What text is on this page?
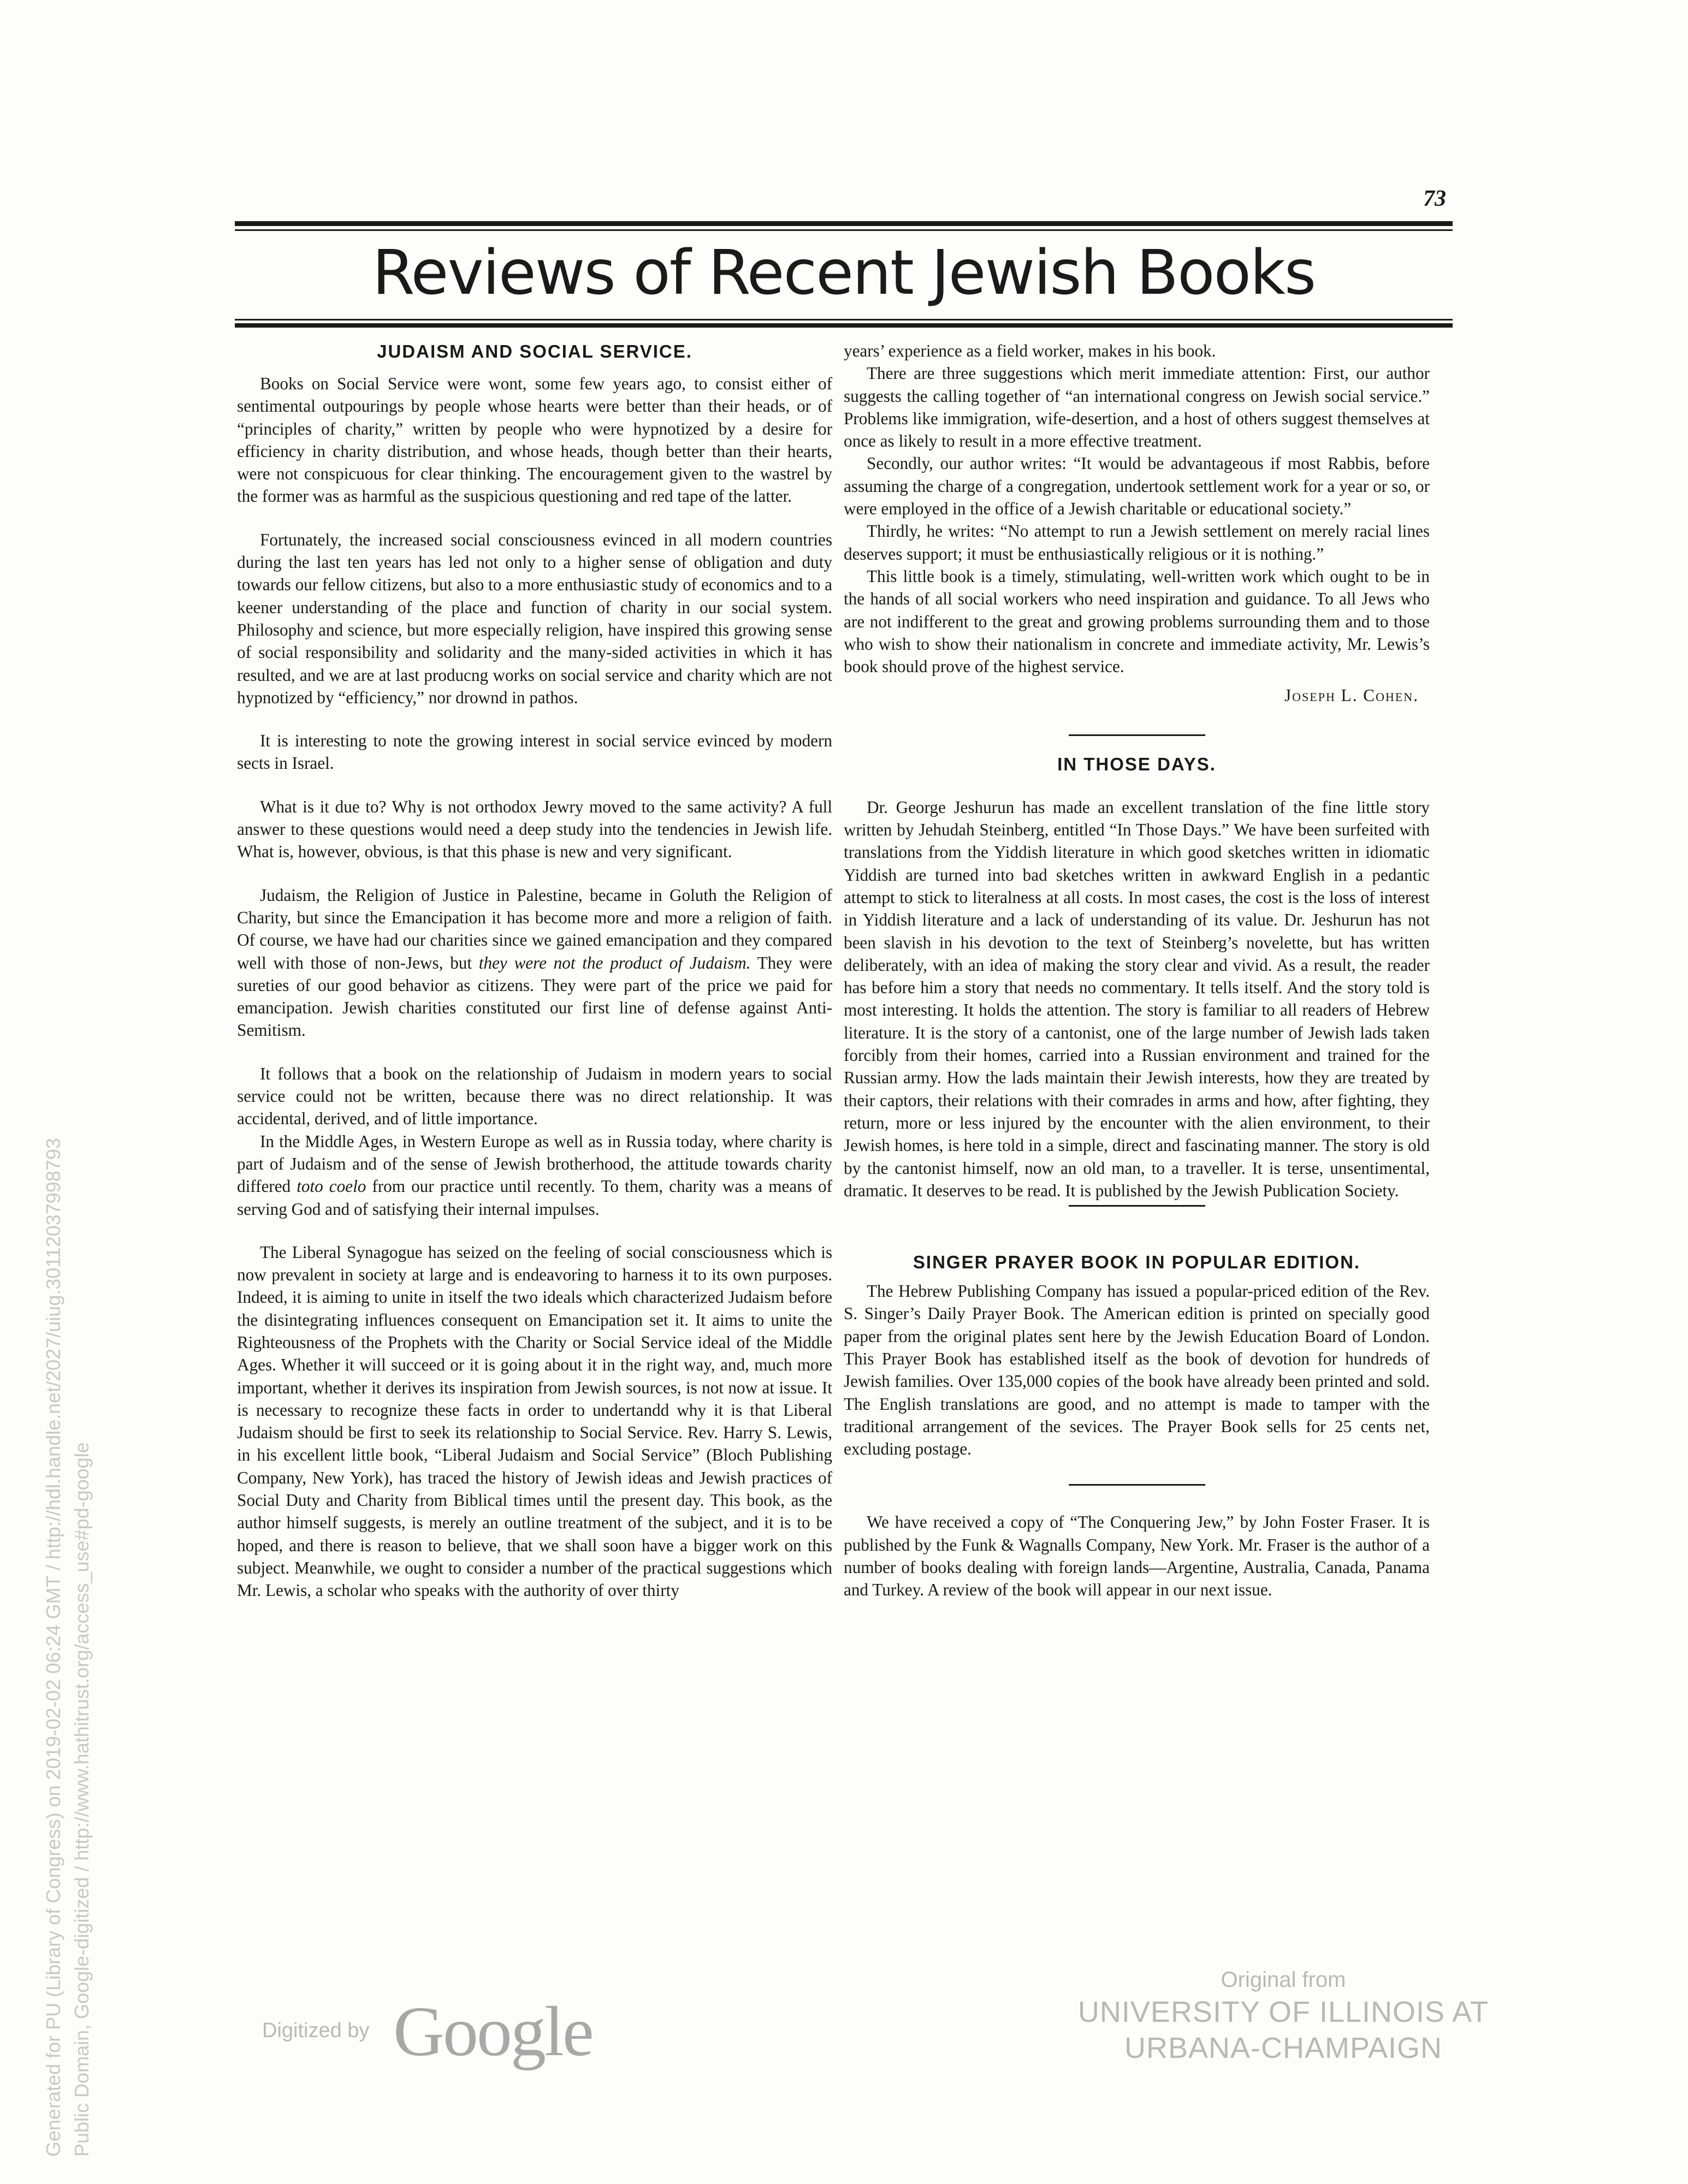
73
Reviews of Recent Jewish Books
JUDAISM AND SOCIAL SERVICE.

Books on Social Service were wont, some few years ago, to consist either of sentimental outpourings by people whose hearts were better than their heads, or of “principles of charity,” written by people who were hypnotized by a desire for efficiency in charity distribution, and whose heads, though better than their hearts, were not conspicuous for clear thinking. The encouragement given to the wastrel by the former was as harmful as the suspicious questioning and red tape of the latter.

Fortunately, the increased social consciousness evinced in all modern countries during the last ten years has led not only to a higher sense of obligation and duty towards our fellow citizens, but also to a more enthusiastic study of economics and to a keener understanding of the place and function of charity in our social system. Philosophy and science, but more especially religion, have inspired this growing sense of social responsibility and solidarity and the many-sided activities in which it has resulted, and we are at last producng works on social service and charity which are not hypnotized by “efficiency,” nor drownd in pathos.

It is interesting to note the growing interest in social service evinced by modern sects in Israel.

What is it due to? Why is not orthodox Jewry moved to the same activity? A full answer to these questions would need a deep study into the tendencies in Jewish life. What is, however, obvious, is that this phase is new and very significant.

Judaism, the Religion of Justice in Palestine, became in Goluth the Religion of Charity, but since the Emancipation it has become more and more a religion of faith. Of course, we have had our charities since we gained emancipation and they compared well with those of non-Jews, but they were not the product of Judaism. They were sureties of our good behavior as citizens. They were part of the price we paid for emancipation. Jewish charities constituted our first line of defense against Anti-Semitism.

It follows that a book on the relationship of Judaism in modern years to social service could not be written, because there was no direct relationship. It was accidental, derived, and of little importance.

In the Middle Ages, in Western Europe as well as in Russia today, where charity is part of Judaism and of the sense of Jewish brotherhood, the attitude towards charity differed toto coelo from our practice until recently. To them, charity was a means of serving God and of satisfying their internal impulses.

The Liberal Synagogue has seized on the feeling of social consciousness which is now prevalent in society at large and is endeavoring to harness it to its own purposes. Indeed, it is aiming to unite in itself the two ideals which characterized Judaism before the disintegrating influences consequent on Emancipation set it. It aims to unite the Righteousness of the Prophets with the Charity or Social Service ideal of the Middle Ages. Whether it will succeed or it is going about it in the right way, and, much more important, whether it derives its inspiration from Jewish sources, is not now at issue. It is necessary to recognize these facts in order to undertandd why it is that Liberal Judaism should be first to seek its relationship to Social Service. Rev. Harry S. Lewis, in his excellent little book, “Liberal Judaism and Social Service” (Bloch Publishing Company, New York), has traced the history of Jewish ideas and Jewish practices of Social Duty and Charity from Biblical times until the present day. This book, as the author himself suggests, is merely an outline treatment of the subject, and it is to be hoped, and there is reason to believe, that we shall soon have a bigger work on this subject. Meanwhile, we ought to consider a number of the practical suggestions which Mr. Lewis, a scholar who speaks with the authority of over thirty

years’ experience as a field worker, makes in his book.

There are three suggestions which merit immediate attention: First, our author suggests the calling together of “an international congress on Jewish social service.” Problems like immigration, wife-desertion, and a host of others suggest themselves at once as likely to result in a more effective treatment.

Secondly, our author writes: “It would be advantageous if most Rabbis, before assuming the charge of a congregation, undertook settlement work for a year or so, or were employed in the office of a Jewish charitable or educational society.”

Thirdly, he writes: “No attempt to run a Jewish settlement on merely racial lines deserves support; it must be enthusiastically religious or it is nothing.”

This little book is a timely, stimulating, well-written work which ought to be in the hands of all social workers who need inspiration and guidance. To all Jews who are not indifferent to the great and growing problems surrounding them and to those who wish to show their nationalism in concrete and immediate activity, Mr. Lewis’s book should prove of the highest service.

Joseph L. Cohen.

IN THOSE DAYS.

Dr. George Jeshurun has made an excellent translation of the fine little story written by Jehudah Steinberg, entitled “In Those Days.” We have been surfeited with translations from the Yiddish literature in which good sketches written in idiomatic Yiddish are turned into bad sketches written in awkward English in a pedantic attempt to stick to literalness at all costs. In most cases, the cost is the loss of interest in Yiddish literature and a lack of understanding of its value. Dr. Jeshurun has not been slavish in his devotion to the text of Steinberg’s novelette, but has written deliberately, with an idea of making the story clear and vivid. As a result, the reader has before him a story that needs no commentary. It tells itself. And the story told is most interesting. It holds the attention. The story is familiar to all readers of Hebrew literature. It is the story of a cantonist, one of the large number of Jewish lads taken forcibly from their homes, carried into a Russian environment and trained for the Russian army. How the lads maintain their Jewish interests, how they are treated by their captors, their relations with their comrades in arms and how, after fighting, they return, more or less injured by the encounter with the alien environment, to their Jewish homes, is here told in a simple, direct and fascinating manner. The story is old by the cantonist himself, now an old man, to a traveller. It is terse, unsentimental, dramatic. It deserves to be read. It is published by the Jewish Publication Society.

SINGER PRAYER BOOK IN POPULAR EDITION.

The Hebrew Publishing Company has issued a popular-priced edition of the Rev. S. Singer’s Daily Prayer Book. The American edition is printed on specially good paper from the original plates sent here by the Jewish Education Board of London. This Prayer Book has established itself as the book of devotion for hundreds of Jewish families. Over 135,000 copies of the book have already been printed and sold. The English translations are good, and no attempt is made to tamper with the traditional arrangement of the sevices. The Prayer Book sells for 25 cents net, excluding postage.

We have received a copy of “The Conquering Jew,” by John Foster Fraser. It is published by the Funk & Wagnalls Company, New York. Mr. Fraser is the author of a number of books dealing with foreign lands—Argentine, Australia, Canada, Panama and Turkey. A review of the book will appear in our next issue.

Digitized by Google
Original from
UNIVERSITY OF ILLINOIS AT
URBANA-CHAMPAIGN
Generated for PU (Library of Congress) on 2019-02-02 06:24 GMT / http://hdl.handle.net/2027/uiug.30112037998793 Public Domain, Google-digitized / http://www.hathitrust.org/access_use#pd-google
